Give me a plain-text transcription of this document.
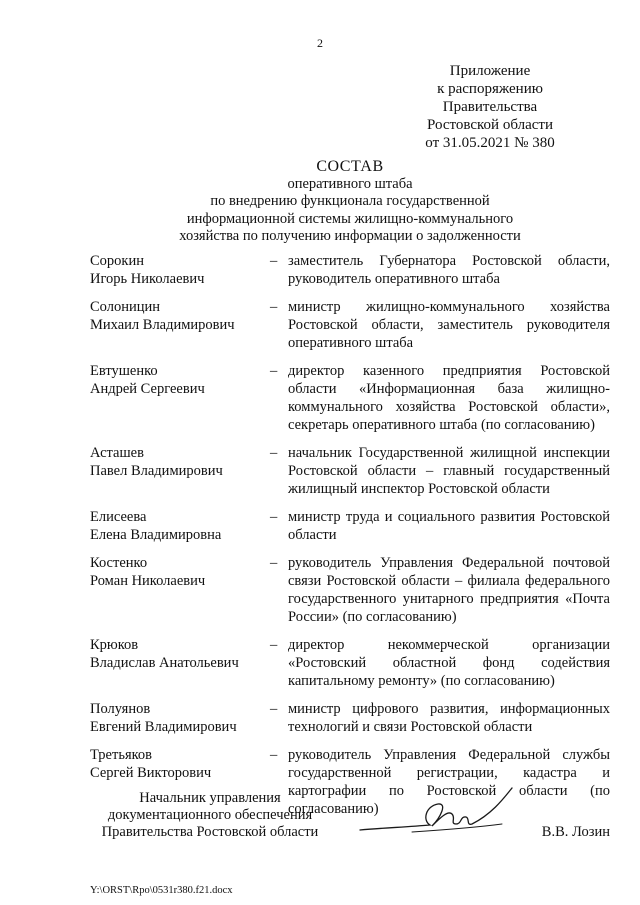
2
Приложение
к распоряжению
Правительства
Ростовской области
от 31.05.2021 № 380
СОСТАВ
оперативного штаба
по внедрению функционала государственной
информационной системы жилищно-коммунального
хозяйства по получению информации о задолженности
Сорокин
Игорь Николаевич
– заместитель Губернатора Ростовской области, руководитель оперативного штаба
Солоницин
Михаил Владимирович
– министр жилищно-коммунального хозяйства Ростовской области, заместитель руководителя оперативного штаба
Евтушенко
Андрей Сергеевич
– директор казенного предприятия Ростовской области «Информационная база жилищно-коммунального хозяйства Ростовской области», секретарь оперативного штаба (по согласованию)
Асташев
Павел Владимирович
– начальник Государственной жилищной инспекции Ростовской области – главный государственный жилищный инспектор Ростовской области
Елисеева
Елена Владимировна
– министр труда и социального развития Ростовской области
Костенко
Роман Николаевич
– руководитель Управления Федеральной почтовой связи Ростовской области – филиала федерального государственного унитарного предприятия «Почта России» (по согласованию)
Крюков
Владислав Анатольевич
– директор некоммерческой организации «Ростовский областной фонд содействия капитальному ремонту» (по согласованию)
Полуянов
Евгений Владимирович
– министр цифрового развития, информационных технологий и связи Ростовской области
Третьяков
Сергей Викторович
– руководитель Управления Федеральной службы государственной регистрации, кадастра и картографии по Ростовской области (по согласованию)
Начальник управления
документационного обеспечения
Правительства Ростовской области	В.В. Лозин
Y:\ORST\Rpo\0531r380.f21.docx
